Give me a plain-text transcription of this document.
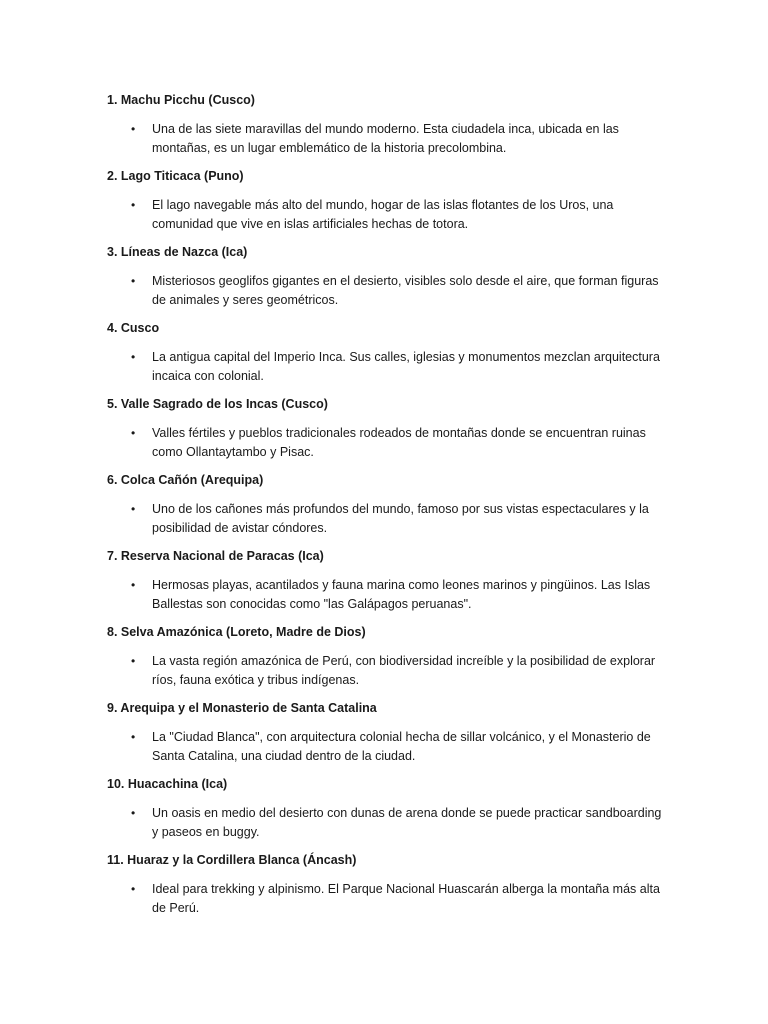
1. Machu Picchu (Cusco)

• Una de las siete maravillas del mundo moderno. Esta ciudadela inca, ubicada en las montañas, es un lugar emblemático de la historia precolombina.

2. Lago Titicaca (Puno)

• El lago navegable más alto del mundo, hogar de las islas flotantes de los Uros, una comunidad que vive en islas artificiales hechas de totora.

3. Líneas de Nazca (Ica)

• Misteriosos geoglifos gigantes en el desierto, visibles solo desde el aire, que forman figuras de animales y seres geométricos.

4. Cusco

• La antigua capital del Imperio Inca. Sus calles, iglesias y monumentos mezclan arquitectura incaica con colonial.

5. Valle Sagrado de los Incas (Cusco)

• Valles fértiles y pueblos tradicionales rodeados de montañas donde se encuentran ruinas como Ollantaytambo y Pisac.

6. Colca Cañón (Arequipa)

• Uno de los cañones más profundos del mundo, famoso por sus vistas espectaculares y la posibilidad de avistar cóndores.

7. Reserva Nacional de Paracas (Ica)

• Hermosas playas, acantilados y fauna marina como leones marinos y pingüinos. Las Islas Ballestas son conocidas como "las Galápagos peruanas".

8. Selva Amazónica (Loreto, Madre de Dios)

• La vasta región amazónica de Perú, con biodiversidad increíble y la posibilidad de explorar ríos, fauna exótica y tribus indígenas.

9. Arequipa y el Monasterio de Santa Catalina

• La "Ciudad Blanca", con arquitectura colonial hecha de sillar volcánico, y el Monasterio de Santa Catalina, una ciudad dentro de la ciudad.

10. Huacachina (Ica)

• Un oasis en medio del desierto con dunas de arena donde se puede practicar sandboarding y paseos en buggy.

11. Huaraz y la Cordillera Blanca (Áncash)

• Ideal para trekking y alpinismo. El Parque Nacional Huascarán alberga la montaña más alta de Perú.
